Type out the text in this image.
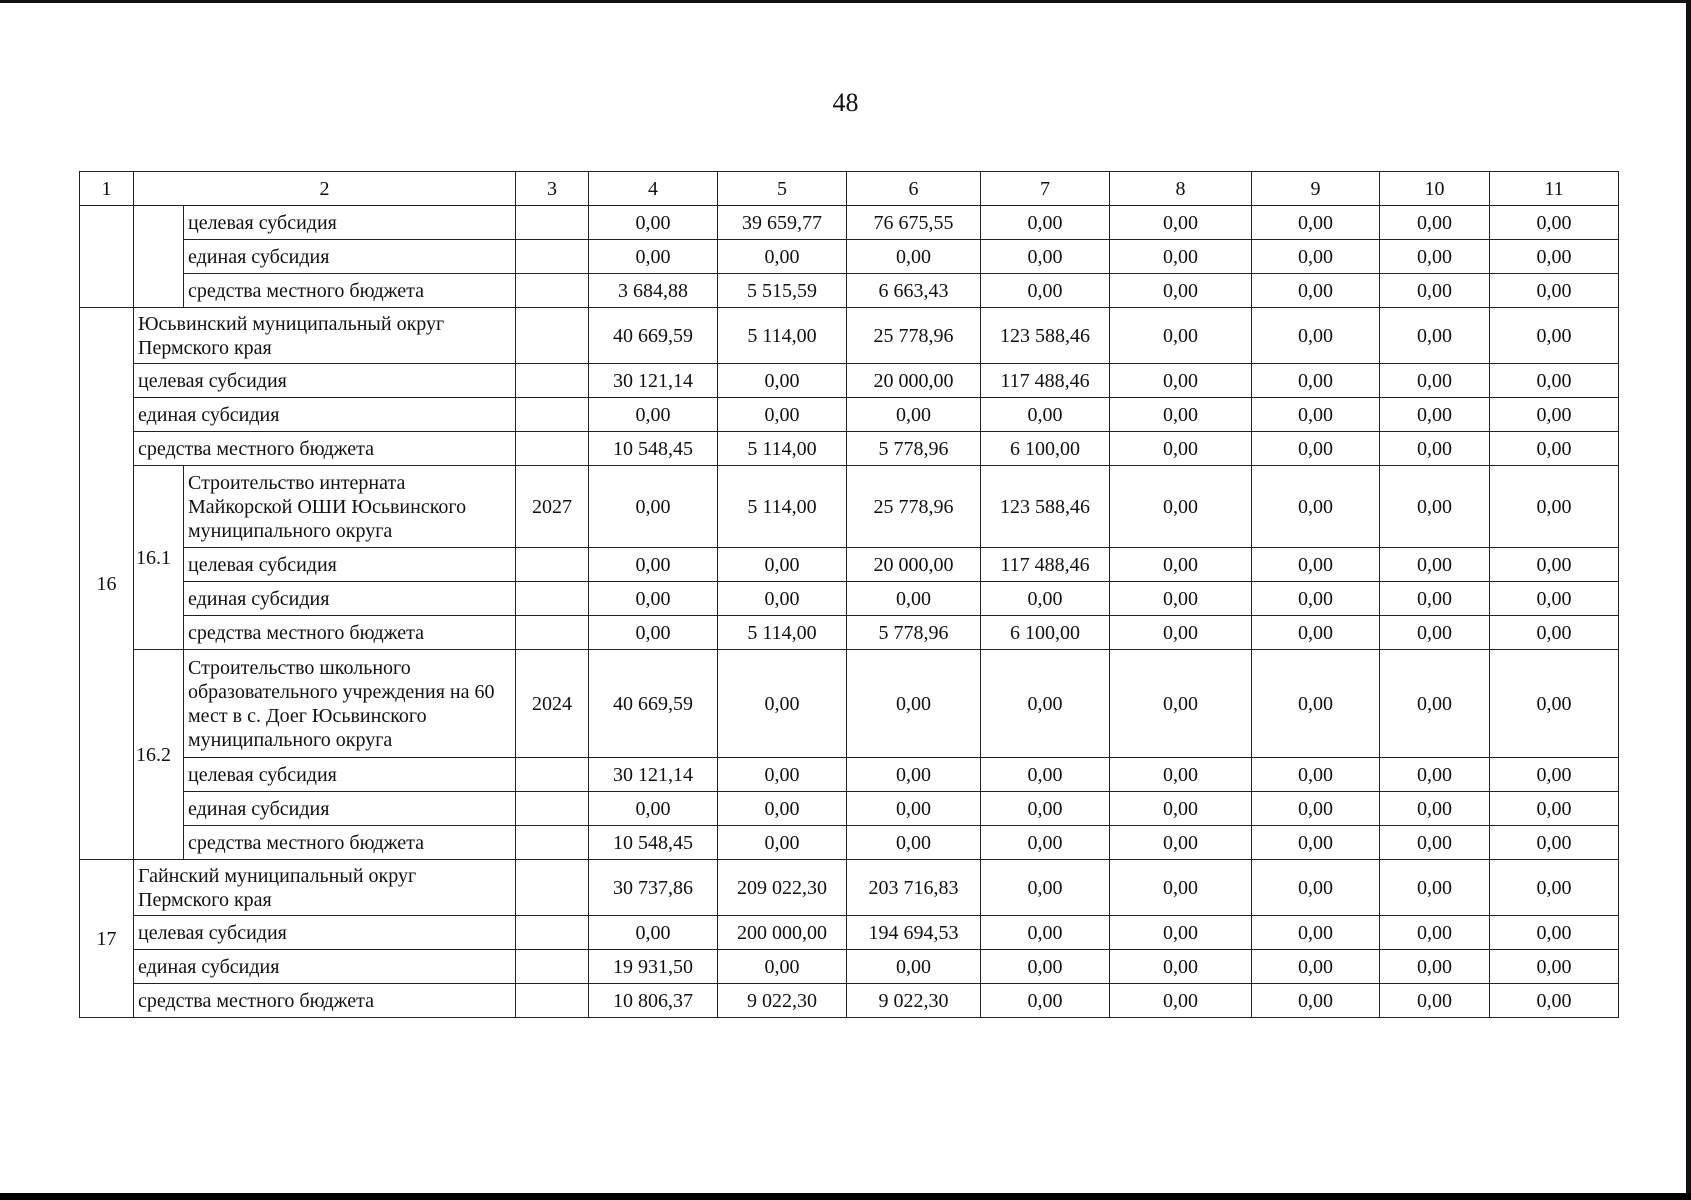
48
1	2		3	4	5	6	7	8	9	10	11
		целевая субсидия		0,00	39 659,77	76 675,55	0,00	0,00	0,00	0,00	0,00
		единая субсидия		0,00	0,00	0,00	0,00	0,00	0,00	0,00	0,00
		средства местного бюджета		3 684,88	5 515,59	6 663,43	0,00	0,00	0,00	0,00	0,00
16	Юсьвинский муниципальный округ Пермского края			40 669,59	5 114,00	25 778,96	123 588,46	0,00	0,00	0,00	0,00
	целевая субсидия			30 121,14	0,00	20 000,00	117 488,46	0,00	0,00	0,00	0,00
	единая субсидия			0,00	0,00	0,00	0,00	0,00	0,00	0,00	0,00
	средства местного бюджета			10 548,45	5 114,00	5 778,96	6 100,00	0,00	0,00	0,00	0,00
	16.1	Строительство интерната Майкорской ОШИ Юсьвинского муниципального округа	2027	0,00	5 114,00	25 778,96	123 588,46	0,00	0,00	0,00	0,00
		целевая субсидия		0,00	0,00	20 000,00	117 488,46	0,00	0,00	0,00	0,00
		единая субсидия		0,00	0,00	0,00	0,00	0,00	0,00	0,00	0,00
		средства местного бюджета		0,00	5 114,00	5 778,96	6 100,00	0,00	0,00	0,00	0,00
	16.2	Строительство школьного образовательного учреждения на 60 мест в с. Доег Юсьвинского муниципального округа	2024	40 669,59	0,00	0,00	0,00	0,00	0,00	0,00	0,00
		целевая субсидия		30 121,14	0,00	0,00	0,00	0,00	0,00	0,00	0,00
		единая субсидия		0,00	0,00	0,00	0,00	0,00	0,00	0,00	0,00
		средства местного бюджета		10 548,45	0,00	0,00	0,00	0,00	0,00	0,00	0,00
17	Гайнский муниципальный округ Пермского края			30 737,86	209 022,30	203 716,83	0,00	0,00	0,00	0,00	0,00
	целевая субсидия			0,00	200 000,00	194 694,53	0,00	0,00	0,00	0,00	0,00
	единая субсидия			19 931,50	0,00	0,00	0,00	0,00	0,00	0,00	0,00
	средства местного бюджета			10 806,37	9 022,30	9 022,30	0,00	0,00	0,00	0,00	0,00
